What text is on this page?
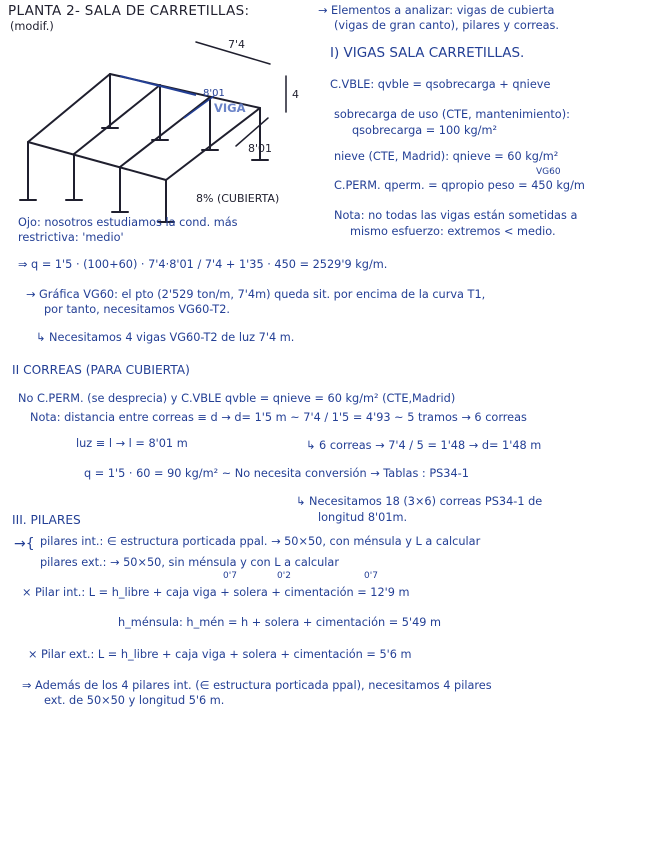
PLANTA 2- SALA DE CARRETILLAS:
(modif.)
→ Elementos a analizar: vigas de cubierta
(vigas de gran canto), pilares y correas.
I) VIGAS SALA CARRETILLAS.
C.VBLE: qvble = qsobrecarga + qnieve
sobrecarga de uso (CTE, mantenimiento):
qsobrecarga = 100 kg/m²
nieve (CTE, Madrid): qnieve = 60 kg/m²
VG60
C.PERM. qperm. = qpropio peso = 450 kg/m
Nota: no todas las vigas están sometidas a
mismo esfuerzo: extremos < medio.
7'4
4
8'01
8'01
VIGA
8% (CUBIERTA)
Ojo: nosotros estudiamos la cond. más
restrictiva: 'medio'
⇒ q = 1'5 · (100+60) · 7'4·8'01 / 7'4 + 1'35 · 450 = 2529'9 kg/m.
→ Gráfica VG60: el pto (2'529 ton/m, 7'4m) queda sit. por encima de la curva T1,
por tanto, necesitamos VG60-T2.
↳ Necesitamos 4 vigas VG60-T2 de luz 7'4 m.
II CORREAS (PARA CUBIERTA)
No C.PERM. (se desprecia) y C.VBLE qvble = qnieve = 60 kg/m² (CTE,Madrid)
Nota: distancia entre correas ≡ d → d= 1'5 m ~ 7'4 / 1'5 = 4'93 ~ 5 tramos → 6 correas
luz ≡ l → l = 8'01 m	↳ 6 correas → 7'4 / 5 = 1'48 → d= 1'48 m
q = 1'5 · 60 = 90 kg/m² ~ No necesita conversión → Tablas : PS34-1
↳ Necesitamos 18 (3×6) correas PS34-1 de
longitud 8'01m.
III. PILARES
→{ pilares int.: ∈ estructura porticada ppal. → 50×50, con ménsula y L a calcular
pilares ext.: → 50×50, sin ménsula y con L a calcular
0'7	0'2	0'7
× Pilar int.: L = h_libre + caja viga + solera + cimentación = 12'9 m
h_ménsula: h_mén = h + solera + cimentación = 5'49 m
× Pilar ext.: L = h_libre + caja viga + solera + cimentación = 5'6 m
⇒ Además de los 4 pilares int. (∈ estructura porticada ppal), necesitamos 4 pilares
ext. de 50×50 y longitud 5'6 m.
